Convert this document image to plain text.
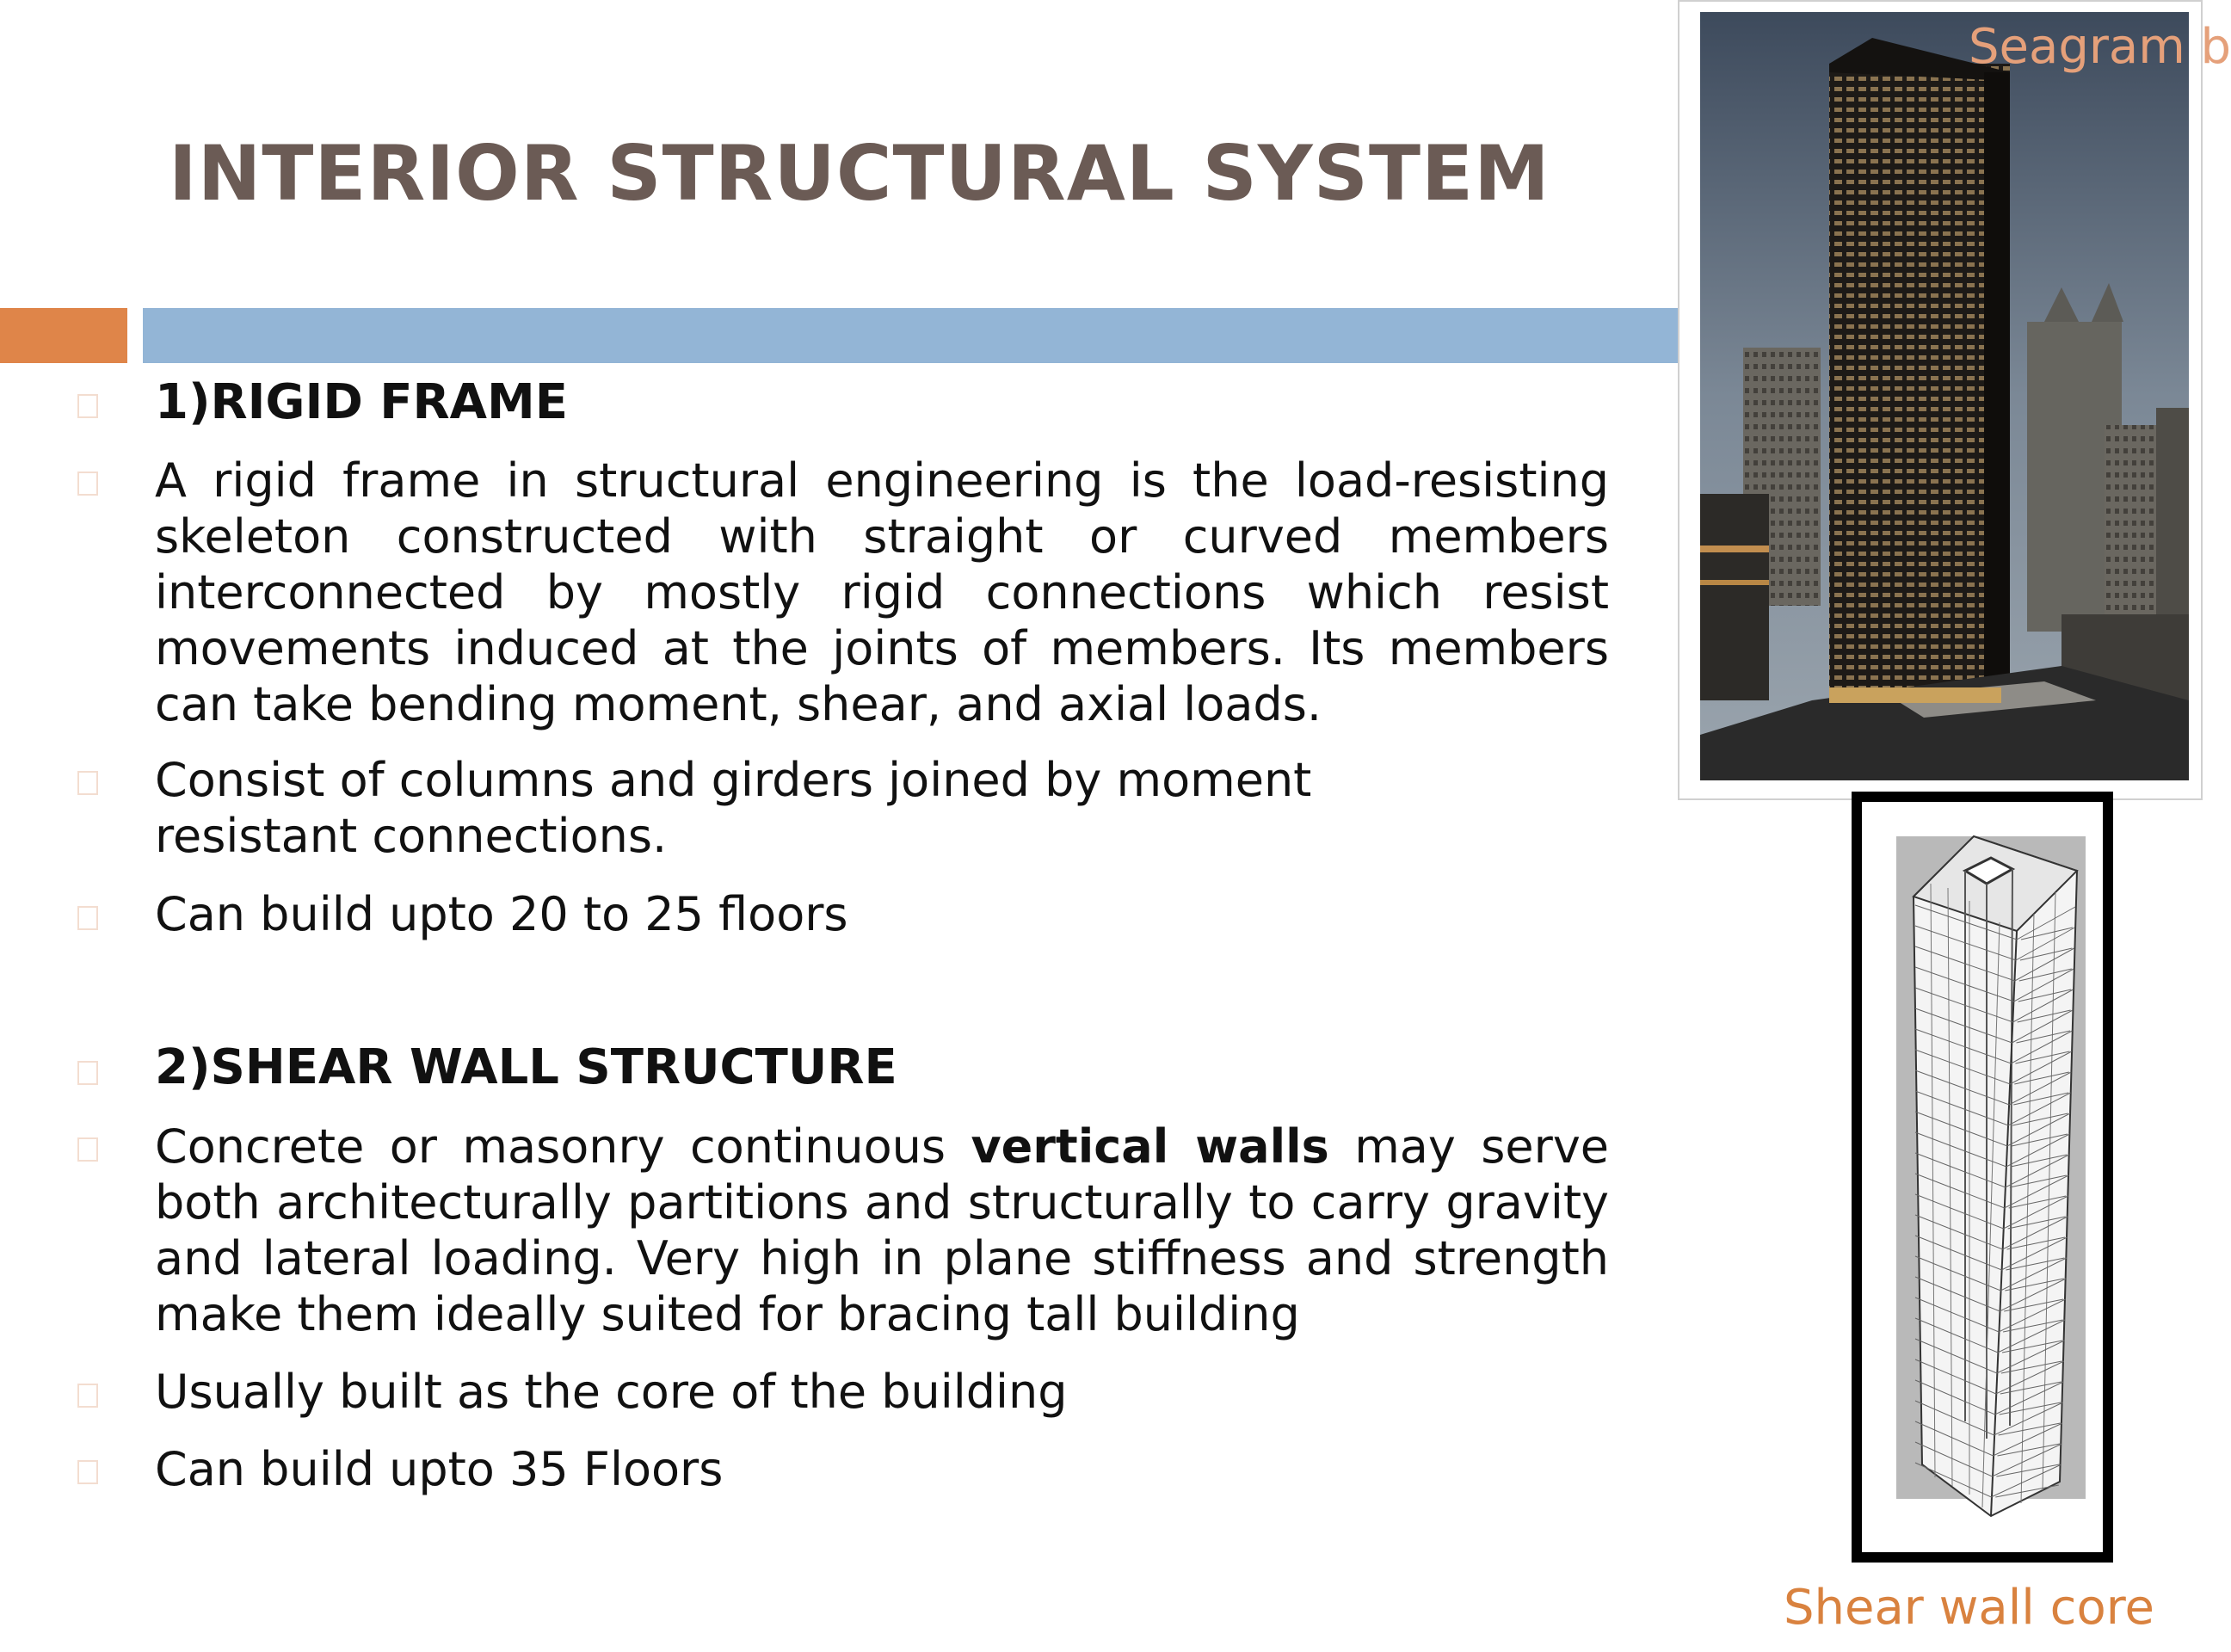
INTERIOR STRUCTURAL SYSTEM
1)RIGID FRAME
A rigid frame in structural engineering is the load-resisting skeleton constructed with straight or curved members interconnected by mostly rigid connections which resist movements induced at the joints of members. Its members can take bending moment, shear, and axial loads.
Consist of columns and girders joined by moment resistant connections.
Can build upto 20 to 25 floors
2)SHEAR WALL STRUCTURE
Concrete or masonry continuous vertical walls may serve both architecturally partitions and structurally to carry gravity and lateral loading. Very high in plane stiffness and strength make them ideally suited for bracing tall building
Usually built as the core of the building
Can build upto 35 Floors
Seagram b
Shear wall core
